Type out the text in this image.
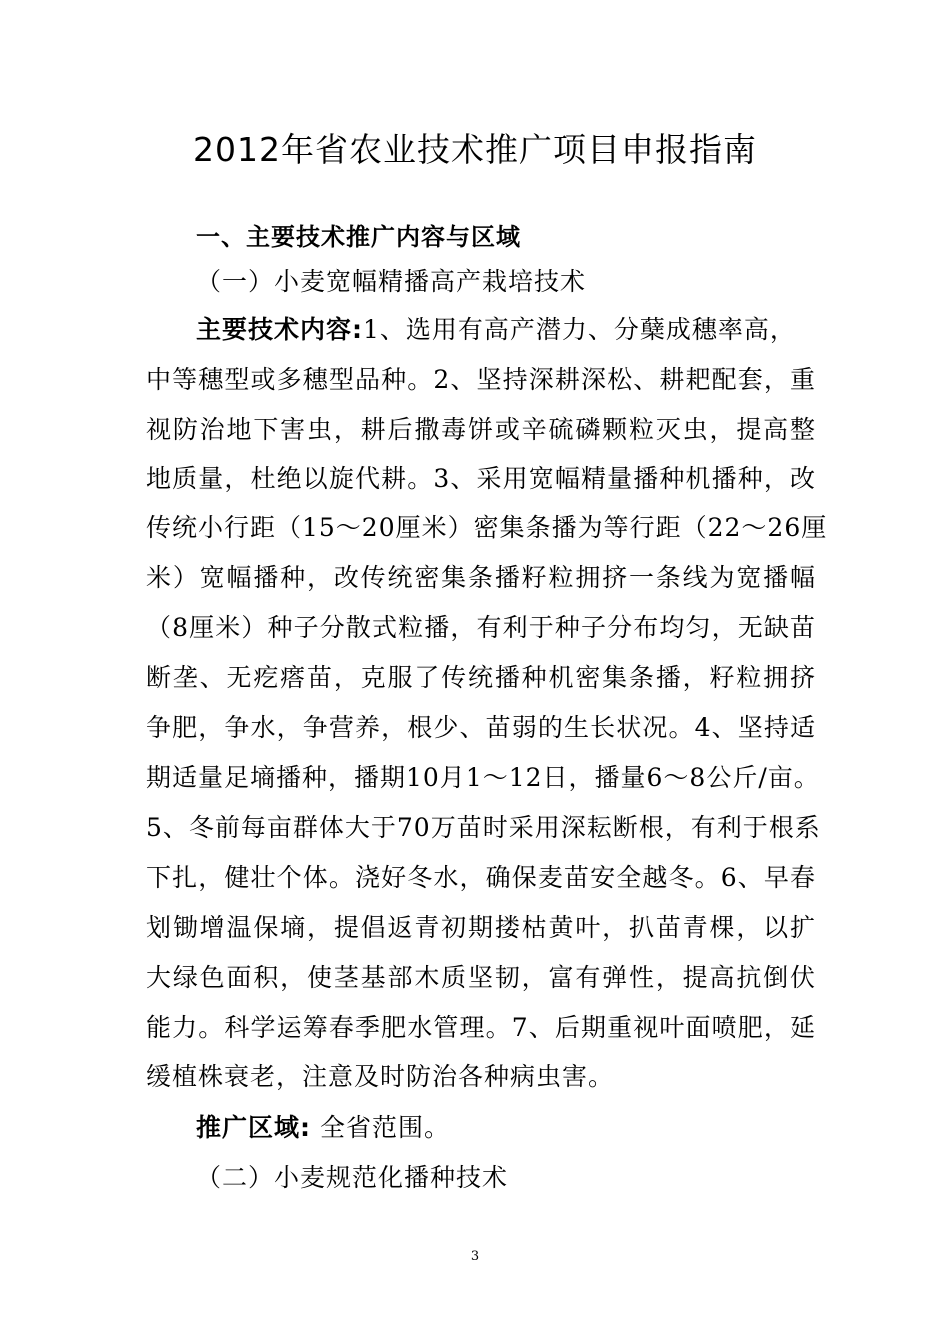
2012年省农业技术推广项目申报指南
一、主要技术推广内容与区域
（一）小麦宽幅精播高产栽培技术
主要技术内容:1、选用有高产潜力、分蘖成穗率高，
中等穗型或多穗型品种。2、坚持深耕深松、耕耙配套，重
视防治地下害虫，耕后撒毒饼或辛硫磷颗粒灭虫，提高整
地质量，杜绝以旋代耕。3、采用宽幅精量播种机播种，改
传统小行距（15～20厘米）密集条播为等行距（22～26厘
米）宽幅播种，改传统密集条播籽粒拥挤一条线为宽播幅
（8厘米）种子分散式粒播，有利于种子分布均匀，无缺苗
断垄、无疙瘩苗，克服了传统播种机密集条播，籽粒拥挤
争肥，争水，争营养，根少、苗弱的生长状况。4、坚持适
期适量足墒播种，播期10月1～12日，播量6～8公斤/亩。
5、冬前每亩群体大于70万苗时采用深耘断根，有利于根系
下扎，健壮个体。浇好冬水，确保麦苗安全越冬。6、早春
划锄增温保墒，提倡返青初期搂枯黄叶，扒苗青棵，以扩
大绿色面积，使茎基部木质坚韧，富有弹性，提高抗倒伏
能力。科学运筹春季肥水管理。7、后期重视叶面喷肥，延
缓植株衰老，注意及时防治各种病虫害。
推广区域: 全省范围。
（二）小麦规范化播种技术
3
